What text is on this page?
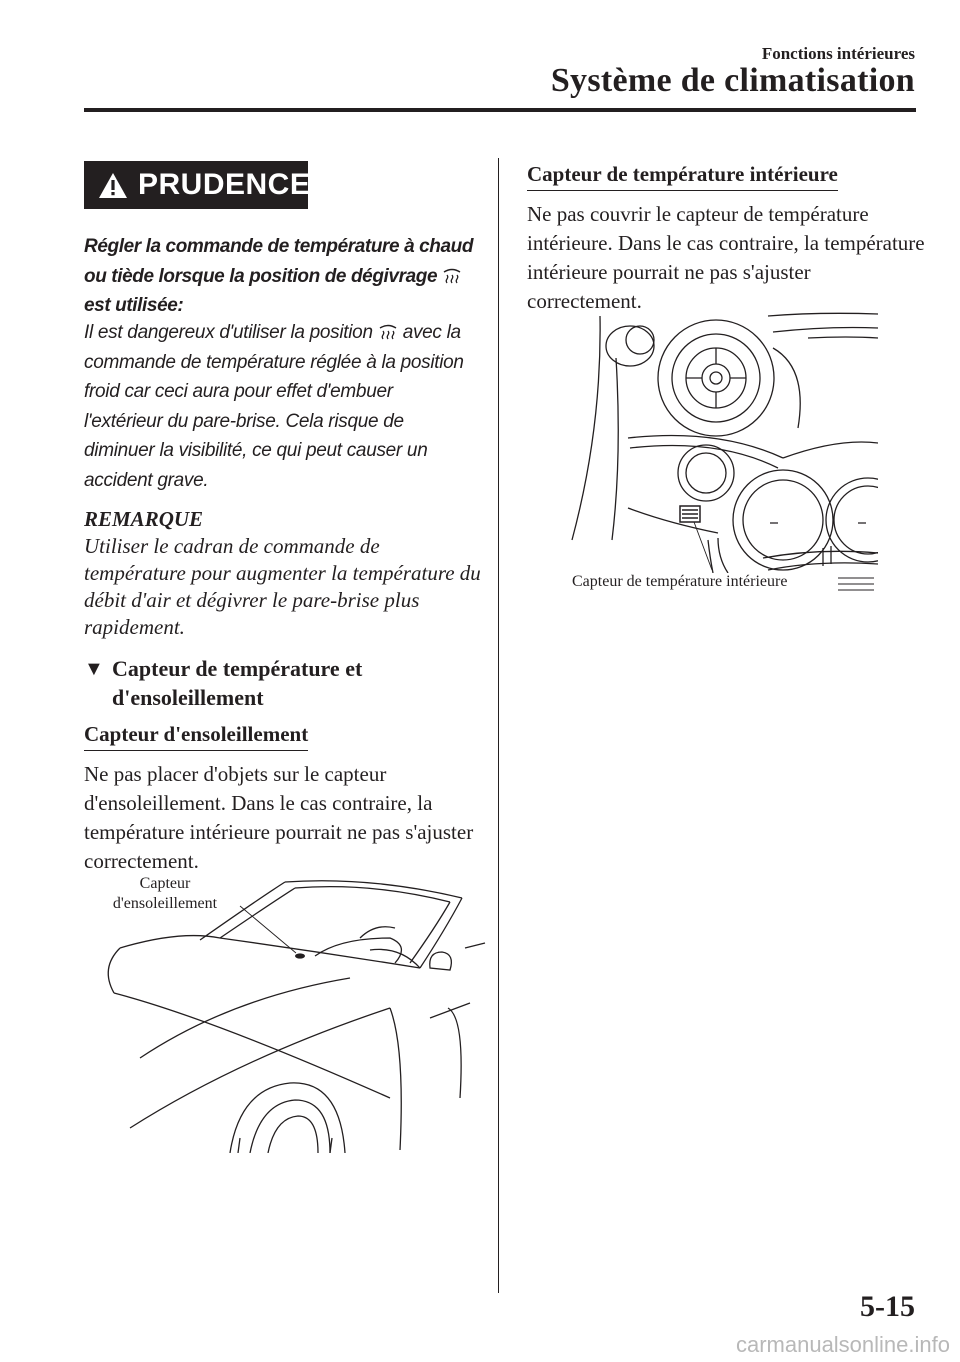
Fonctions intérieures
Système de climatisation
PRUDENCE
Régler la commande de température à chaud ou tiède lorsque la position de dégivrage  est utilisée:
Il est dangereux d'utiliser la position avec la commande de température réglée à la position froid car ceci aura pour effet d'embuer l'extérieur du pare-brise. Cela risque de diminuer la visibilité, ce qui peut causer un accident grave.
REMARQUE
Utiliser le cadran de commande de température pour augmenter la température du débit d'air et dégivrer le pare-brise plus rapidement.
▼ Capteur de température et
d'ensoleillement
Capteur d'ensoleillement
Ne pas placer d'objets sur le capteur d'ensoleillement. Dans le cas contraire, la température intérieure pourrait ne pas s'ajuster correctement.
Capteur
d'ensoleillement
Capteur de température intérieure
Ne pas couvrir le capteur de température intérieure. Dans le cas contraire, la température intérieure pourrait ne pas s'ajuster correctement.
Capteur de température intérieure
5-15
carmanualsonline.info
